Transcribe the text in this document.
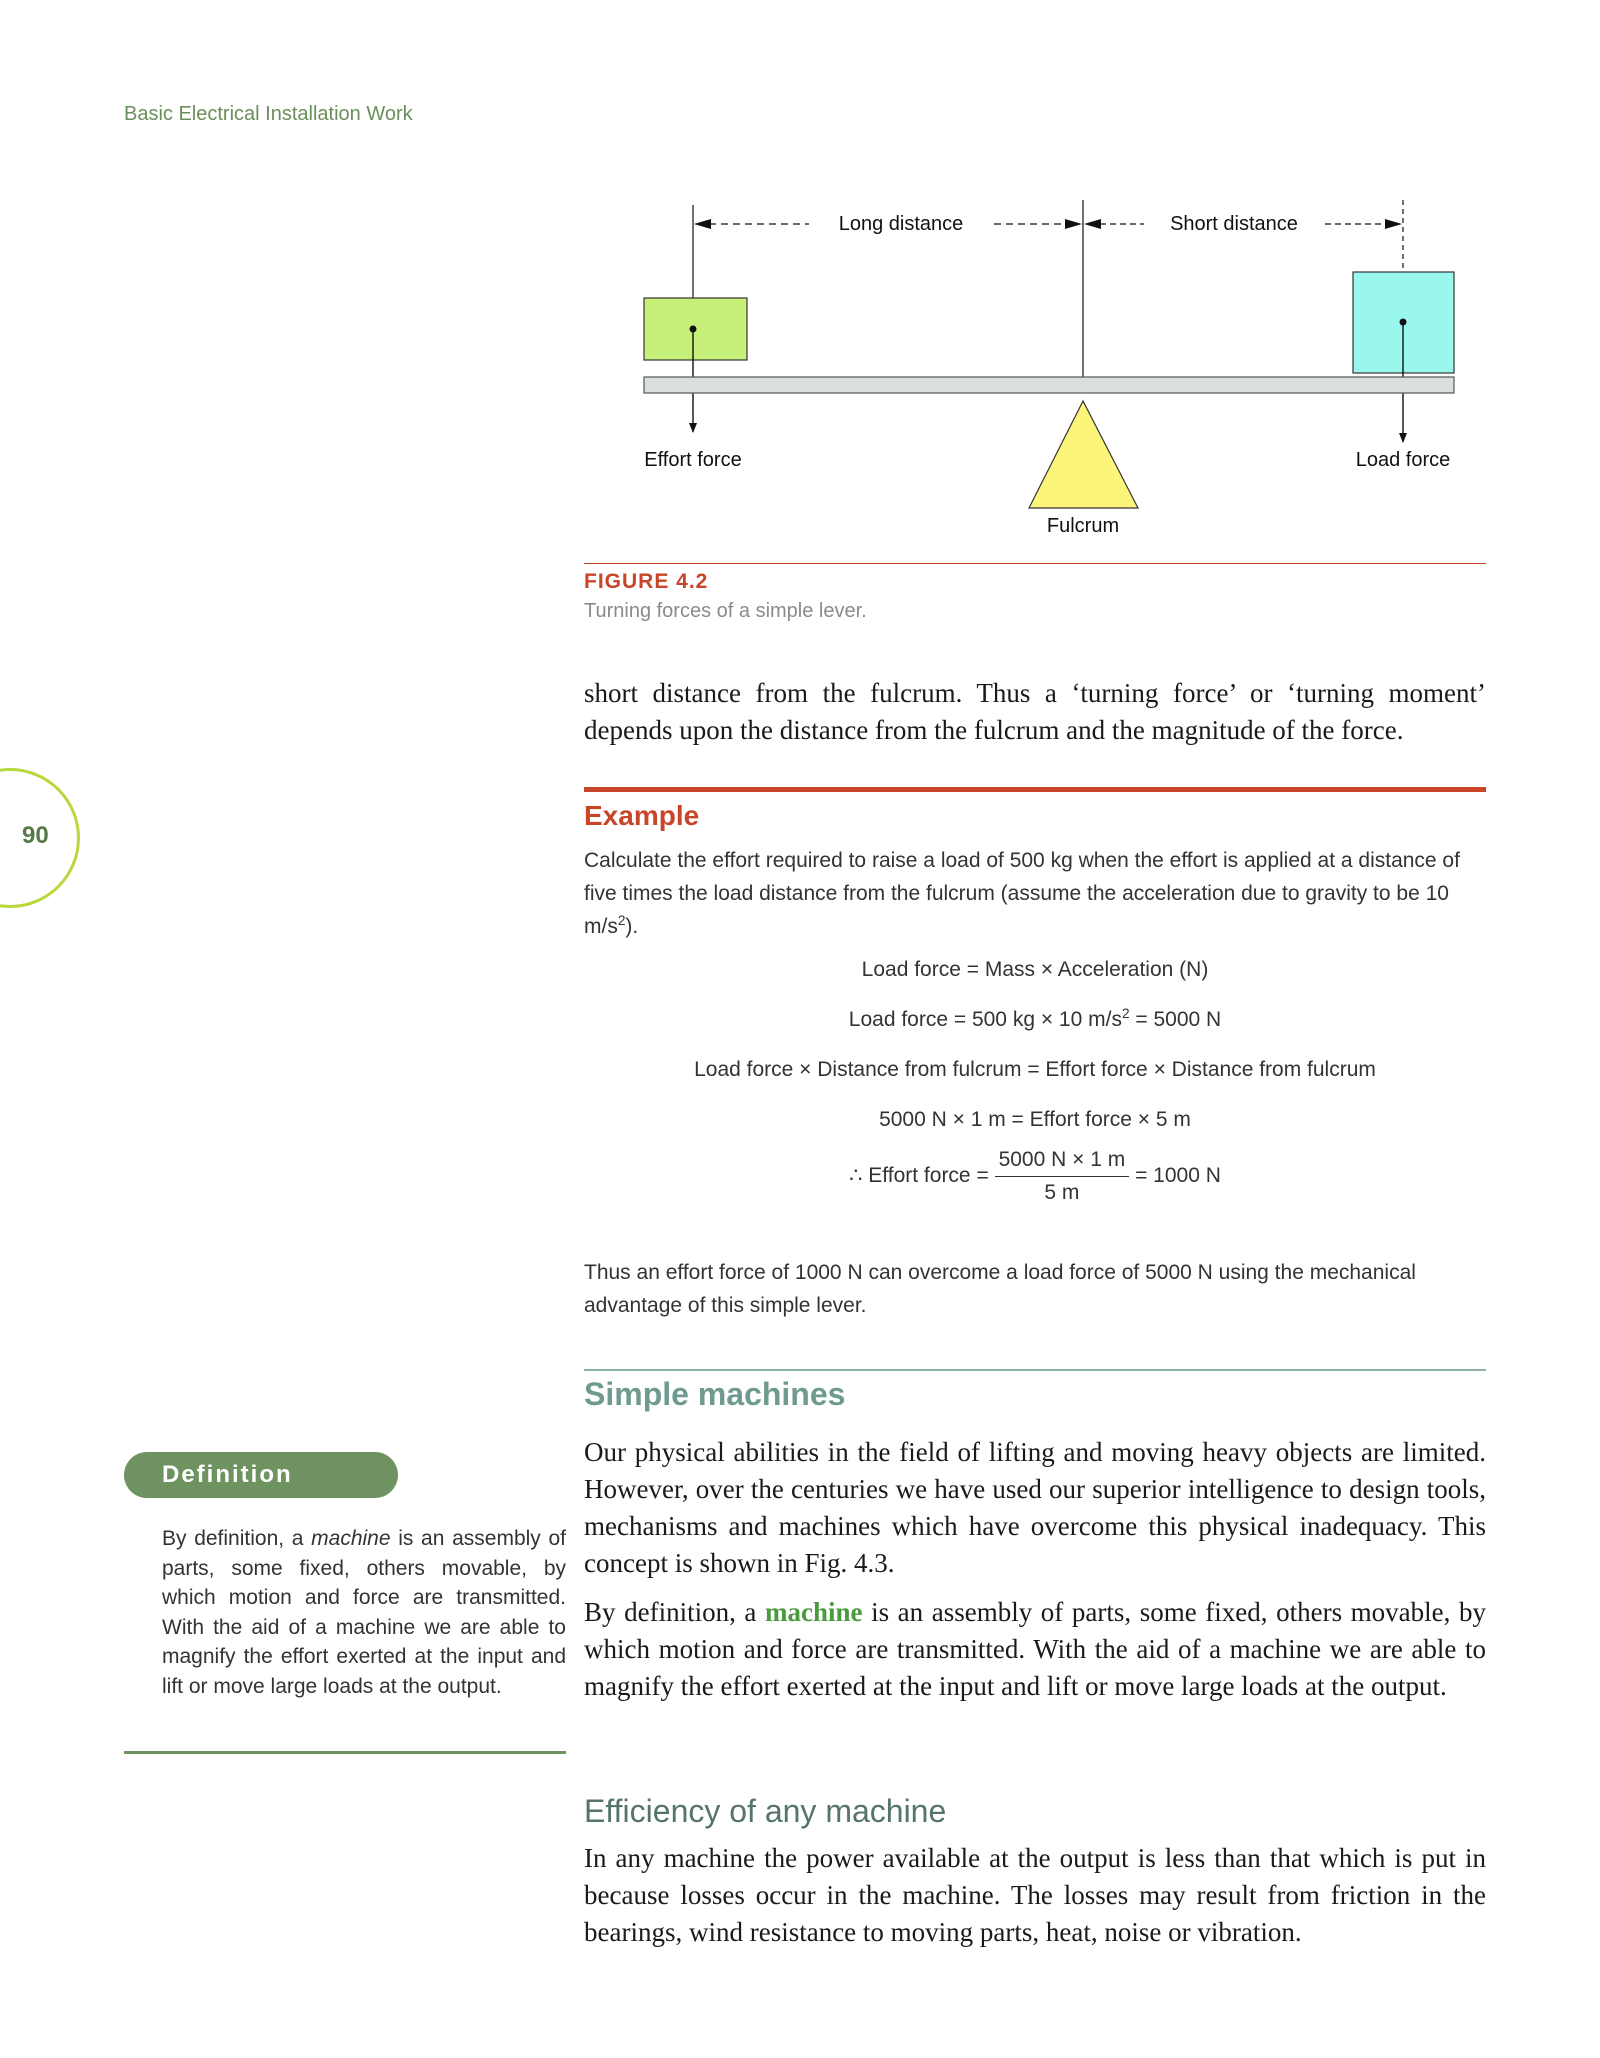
Basic Electrical Installation Work
90
Long distance	Short distance
Effort force	Load force
Fulcrum
FIGURE 4.2
Turning forces of a simple lever.
short distance from the fulcrum. Thus a ‘turning force’ or ‘turning moment’ depends upon the distance from the fulcrum and the magnitude of the force.
Example
Calculate the effort required to raise a load of 500 kg when the effort is applied at a distance of five times the load distance from the fulcrum (assume the acceleration due to gravity to be 10 $m/s^2$).
Load force = Mass × Acceleration (N)
Load force = 500 kg × 10 $m/s^2 = 5000$ N
Load force × Distance from fulcrum = Effort force × Distance from fulcrum
5000 N × 1 m = Effort force × 5 m
∴ Effort force = $\frac{5000 N \times 1 m}{5 m} = 1000$ N
Thus an effort force of 1000 N can overcome a load force of 5000 N using the mechanical advantage of this simple lever.
Simple machines
Our physical abilities in the field of lifting and moving heavy objects are limited. However, over the centuries we have used our superior intelligence to design tools, mechanisms and machines which have overcome this physical inadequacy. This concept is shown in Fig. 4.3.
By definition, a machine is an assembly of parts, some fixed, others movable, by which motion and force are transmitted. With the aid of a machine we are able to magnify the effort exerted at the input and lift or move large loads at the output.
Definition
By definition, a machine is an assembly of parts, some fixed, others movable, by which motion and force are transmitted. With the aid of a machine we are able to magnify the effort exerted at the input and lift or move large loads at the output.
Efficiency of any machine
In any machine the power available at the output is less than that which is put in because losses occur in the machine. The losses may result from friction in the bearings, wind resistance to moving parts, heat, noise or vibration.
